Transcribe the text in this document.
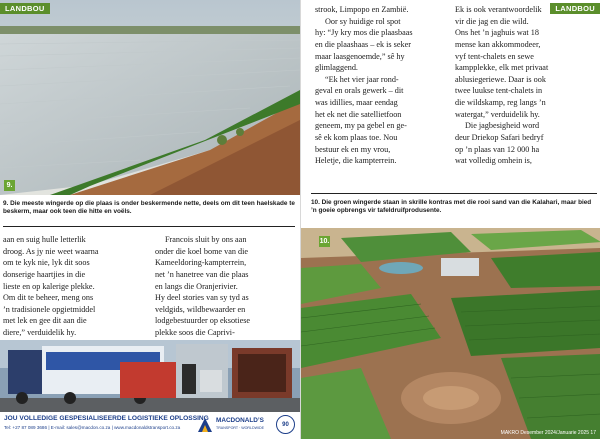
LANDBOU
9.
9. Die meeste wingerde op die plaas is onder beskermende nette, deels om dit teen haelskade te beskerm, maar ook teen die hitte en voëls.

aan en suig hulle letterlik
droog. As jy nie weet waarna
om te kyk nie, lyk dit soos
donserige haartjies in die
lieste en op kalerige plekke.
Om dit te beheer, meng ons
’n tradisionele opgietmiddel
met lek en gee dit aan die
diere,” verduidelik hy.

Francois sluit by ons aan
onder die koel bome van die
Kameeldoring-kampterrein,
net ’n hanetree van die plaas
en langs die Oranjerivier.
Hy deel stories van sy tyd as
veldgids, wildbewaarder en
lodgebestuurder op eksotiese
plekke soos die Caprivi-

JOU VOLLEDIGE GESPESIALISEERDE LOGISTIEKE OPLOSSING
Tel: +27 87 089 3686 | E-mail: sales@macdon.co.za | www.macdonaldstransport.co.za
MACDONALD’S
TRANSPORT · WORLDWIDE
90
LANDBOU

strook, Limpopo en Zambië.

Oor sy huidige rol spot
hy: “Jy kry mos die plaasbaas
en die plaashaas – ek is seker
maar laasgenoemde,” sê hy
glimlaggend.

“Ek het vier jaar rond-
geval en orals gewerk – dit
was idillies, maar eendag
het ek net die satellietfoon
geneem, my pa gebel en ge-
sê ek kom plaas toe. Nou
bestuur ek en my vrou,
Heletje, die kampterrein.

Ek is ook verantwoordelik
vir die jag en die wild.
Ons het ’n jaghuis wat 18
mense kan akkommodeer,
vyf tent-chalets en sewe
kampplekke, elk met privaat
ablusiegeriewe. Daar is ook
twee luukse tent-chalets in
die wildskamp, reg langs ’n
watergat,” verduidelik hy.

Die jagbesigheid word
deur Driekop Safari bedryf
op ’n plaas van 12 000 ha
wat volledig omhein is,

10. Die groen wingerde staan in skrille kontras met die rooi sand van die Kalahari, maar bied ’n goeie opbrengs vir tafeldruifprodusente.
10.
MAKRO Desember 2024/Januarie 2025 17
